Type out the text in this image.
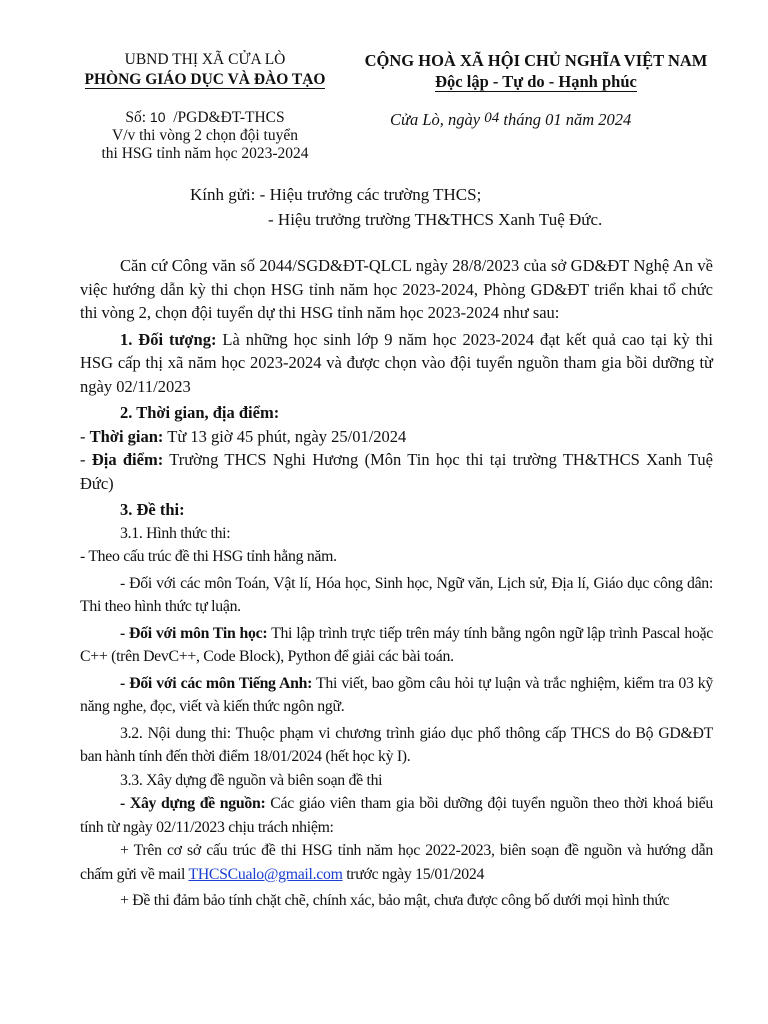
UBND THỊ XÃ CỬA LÒ
PHÒNG GIÁO DỤC VÀ ĐÀO TẠO
CỘNG HOÀ XÃ HỘI CHỦ NGHĨA VIỆT NAM
Độc lập - Tự do - Hạnh phúc
Số: 10 /PGD&ĐT-THCS
V/v thi vòng 2 chọn đội tuyển
thi HSG tỉnh năm học 2023-2024
Cửa Lò, ngày 04 tháng 01 năm 2024
Kính gửi: - Hiệu trưởng các trường THCS;
- Hiệu trưởng trường TH&THCS Xanh Tuệ Đức.

Căn cứ Công văn số 2044/SGD&ĐT-QLCL ngày 28/8/2023 của sở GD&ĐT Nghệ An về việc hướng dẫn kỳ thi chọn HSG tỉnh năm học 2023-2024, Phòng GD&ĐT triển khai tổ chức thi vòng 2, chọn đội tuyển dự thi HSG tỉnh năm học 2023-2024 như sau:

1. Đối tượng: Là những học sinh lớp 9 năm học 2023-2024 đạt kết quả cao tại kỳ thi HSG cấp thị xã năm học 2023-2024 và được chọn vào đội tuyển nguồn tham gia bồi dưỡng từ ngày 02/11/2023

2. Thời gian, địa điểm:

- Thời gian: Từ 13 giờ 45 phút, ngày 25/01/2024

- Địa điểm: Trường THCS Nghi Hương (Môn Tin học thi tại trường TH&THCS Xanh Tuệ Đức)

3. Đề thi:

3.1. Hình thức thi:

- Theo cấu trúc đề thi HSG tỉnh hằng năm.

- Đối với các môn Toán, Vật lí, Hóa học, Sinh học, Ngữ văn, Lịch sử, Địa lí, Giáo dục công dân: Thi theo hình thức tự luận.

- Đối với môn Tin học: Thi lập trình trực tiếp trên máy tính bằng ngôn ngữ lập trình Pascal hoặc C++ (trên DevC++, Code Block), Python để giải các bài toán.

- Đối với các môn Tiếng Anh: Thi viết, bao gồm câu hỏi tự luận và trắc nghiệm, kiểm tra 03 kỹ năng nghe, đọc, viết và kiến thức ngôn ngữ.

3.2. Nội dung thi: Thuộc phạm vi chương trình giáo dục phổ thông cấp THCS do Bộ GD&ĐT ban hành tính đến thời điểm 18/01/2024 (hết học kỳ I).

3.3. Xây dựng đề nguồn và biên soạn đề thi

- Xây dựng đề nguồn: Các giáo viên tham gia bồi dưỡng đội tuyển nguồn theo thời khoá biểu tính từ ngày 02/11/2023 chịu trách nhiệm:

+ Trên cơ sở cấu trúc đề thi HSG tỉnh năm học 2022-2023, biên soạn đề nguồn và hướng dẫn chấm gửi về mail THCSCualo@gmail.com trước ngày 15/01/2024

+ Đề thi đảm bảo tính chặt chẽ, chính xác, bảo mật, chưa được công bố dưới mọi hình thức
